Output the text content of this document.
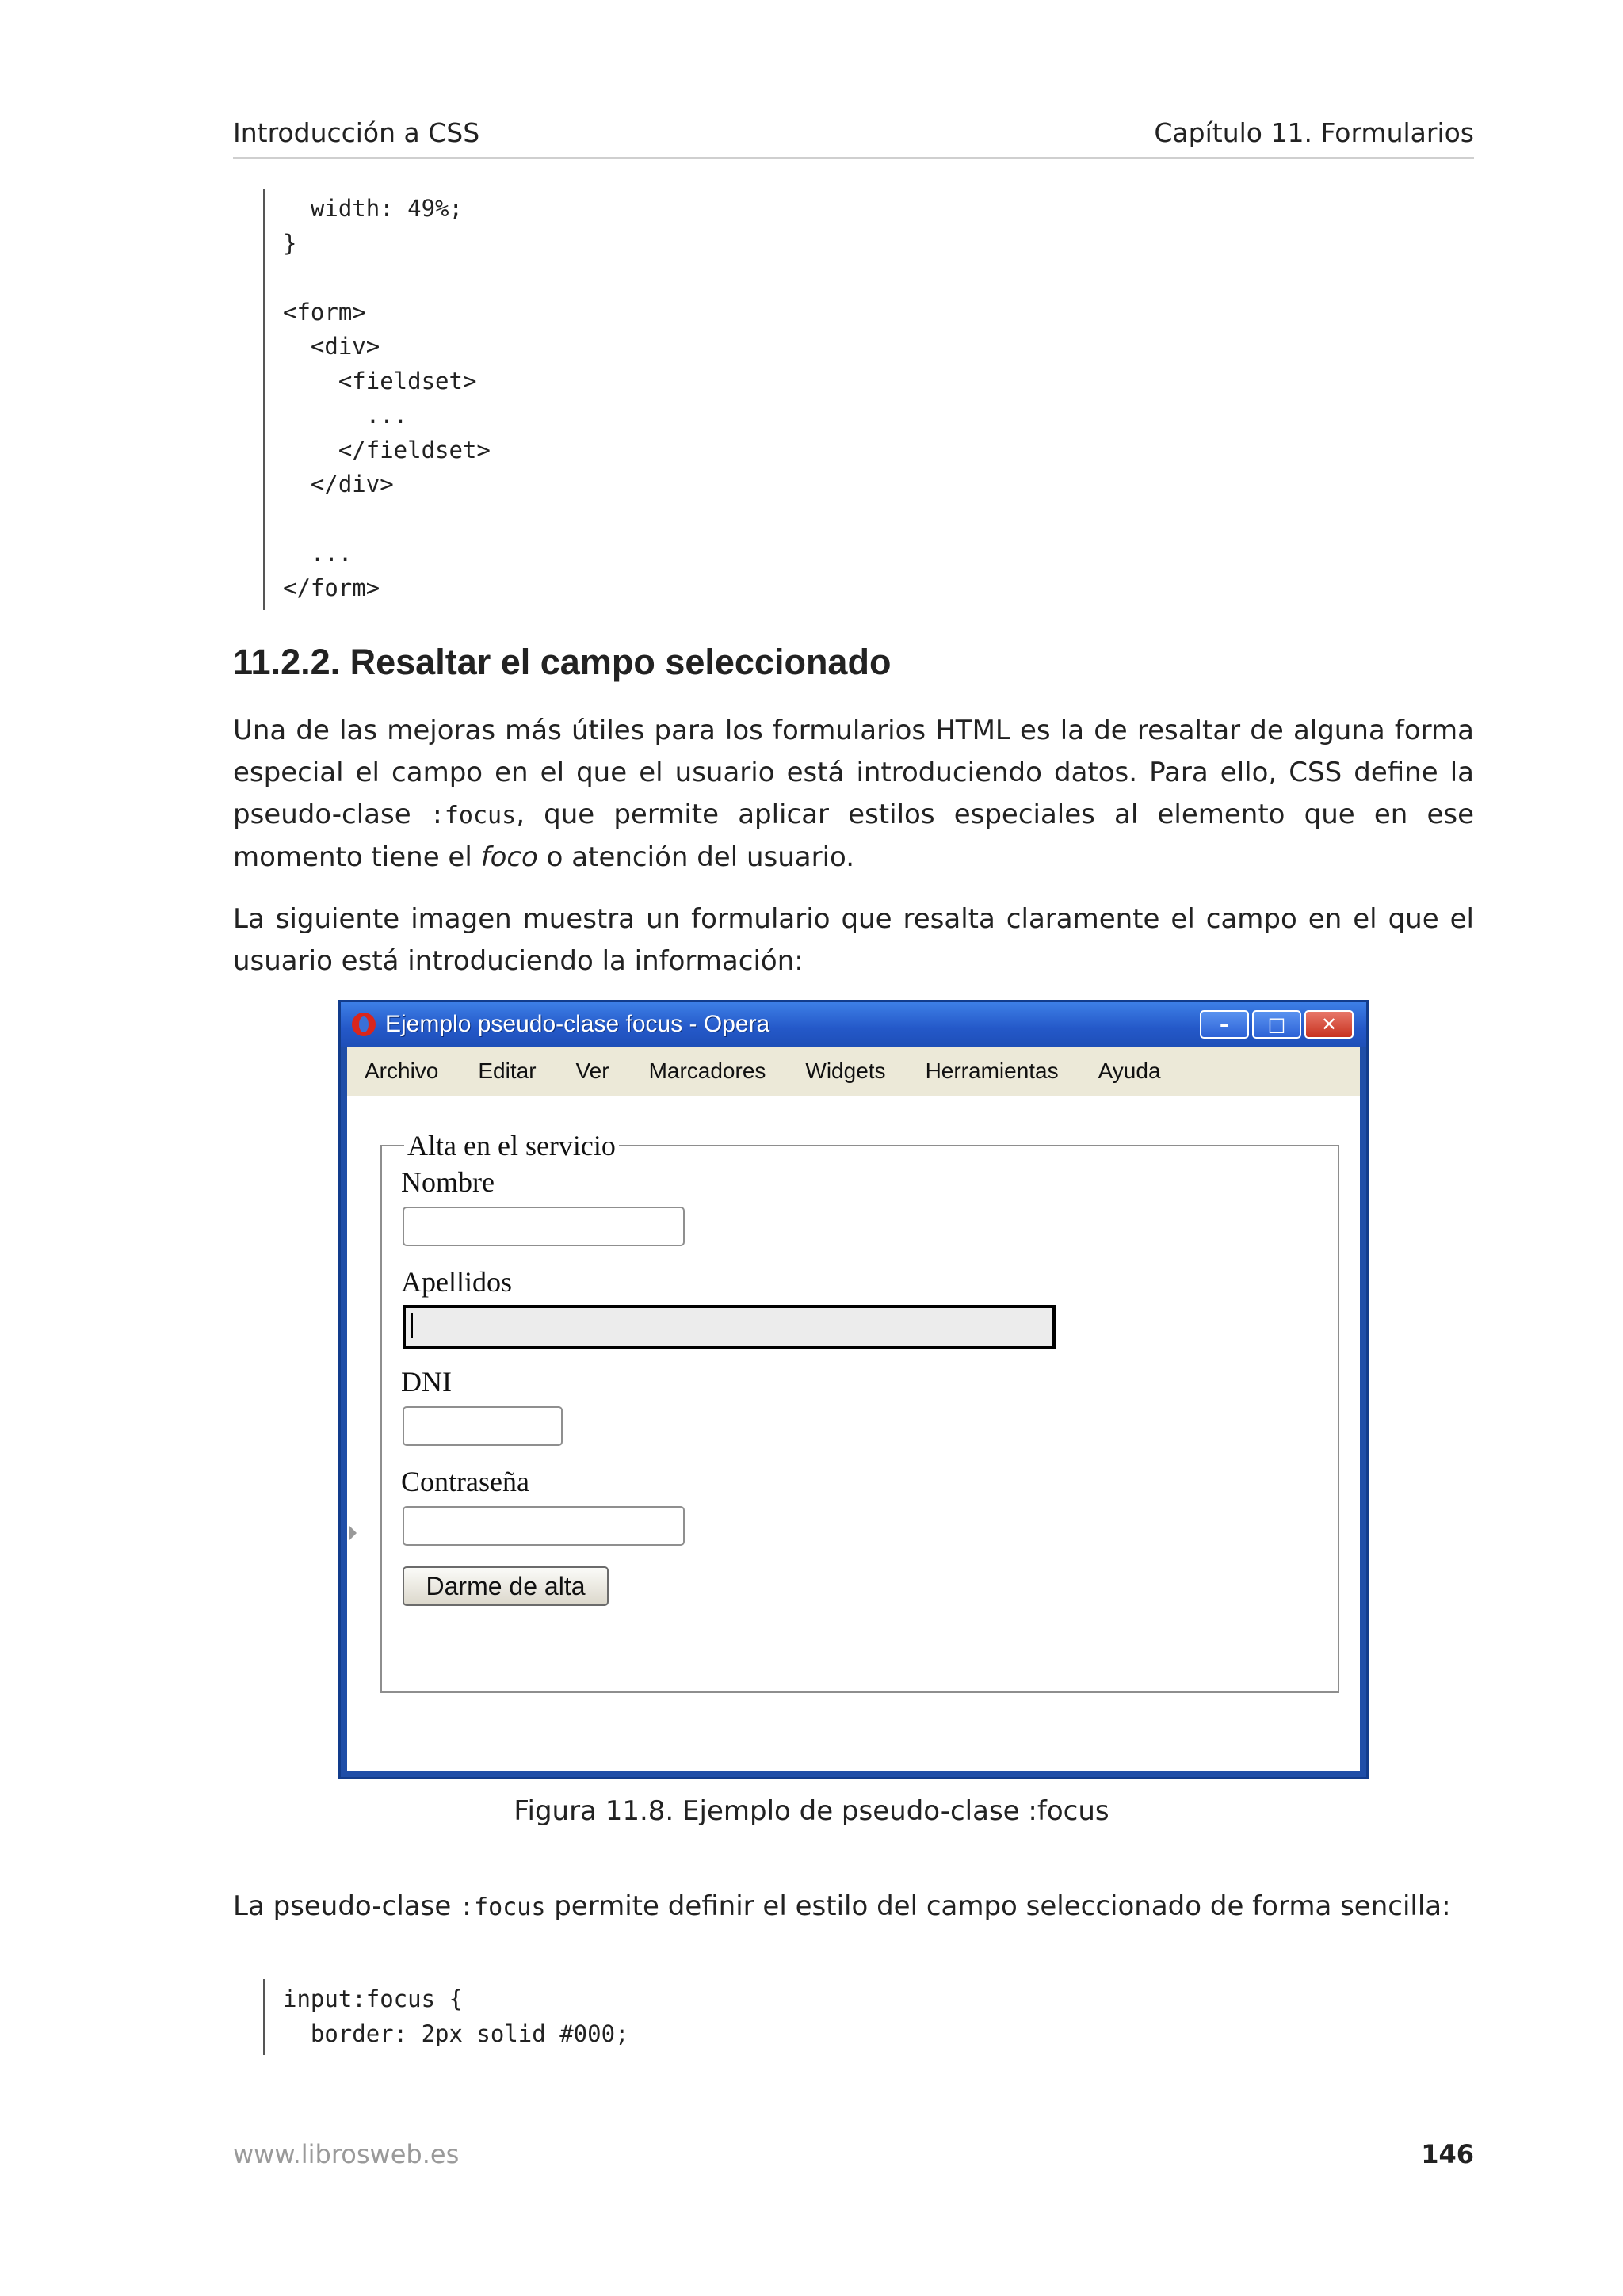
Introducción a CSS	Capítulo 11. Formularios
width: 49%;
}

<form>
<div>
<fieldset>
...
</fieldset>
</div>

...
</form>
11.2.2. Resaltar el campo seleccionado

Una de las mejoras más útiles para los formularios HTML es la de resaltar de alguna forma especial el campo en el que el usuario está introduciendo datos. Para ello, CSS define la pseudo-clase :focus, que permite aplicar estilos especiales al elemento que en ese momento tiene el foco o atención del usuario.

La siguiente imagen muestra un formulario que resalta claramente el campo en el que el usuario está introduciendo la información:

Ejemplo pseudo-clase focus - Opera	–	□	✕
Archivo Editar Ver Marcadores Widgets Herramientas Ayuda
Alta en el servicio
Nombre
Apellidos
DNI
Contraseña
Darme de alta
Figura 11.8. Ejemplo de pseudo-clase :focus

La pseudo-clase :focus permite definir el estilo del campo seleccionado de forma sencilla:

input:focus {
border: 2px solid #000;
www.librosweb.es	146
